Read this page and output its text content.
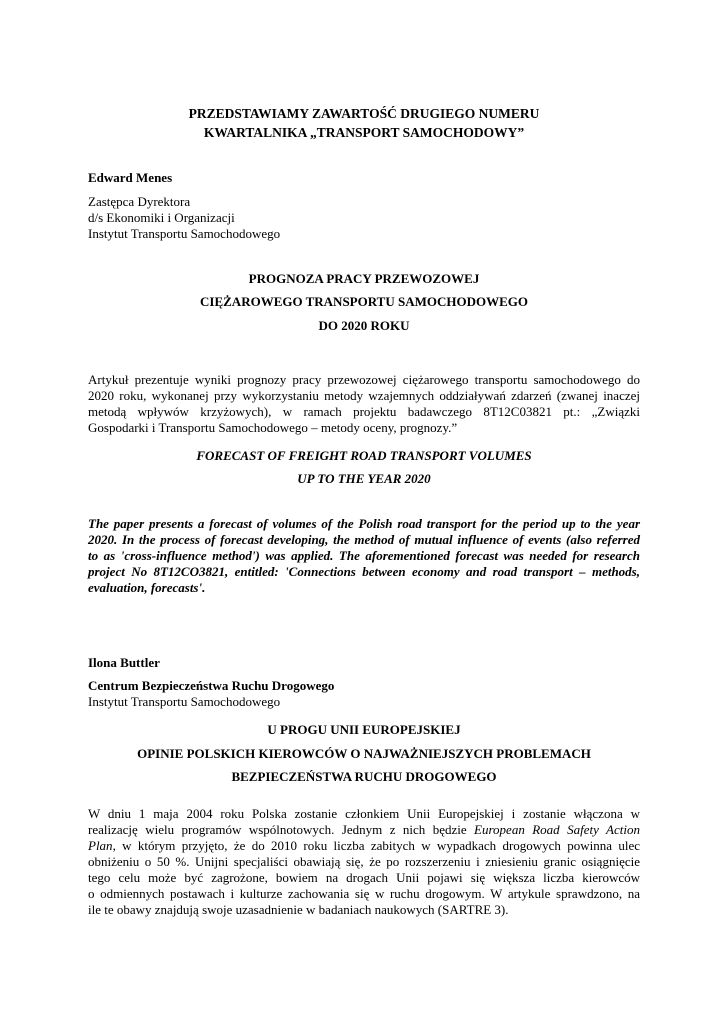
PRZEDSTAWIAMY ZAWARTOŚĆ DRUGIEGO NUMERU
KWARTALNIKA „TRANSPORT SAMOCHODOWY”
Edward Menes
Zastępca Dyrektora
d/s Ekonomiki i Organizacji
Instytut Transportu Samochodowego
PROGNOZA PRACY PRZEWOZOWEJ
CIĘŻAROWEGO TRANSPORTU SAMOCHODOWEGO
DO 2020 ROKU
Artykuł prezentuje wyniki prognozy pracy przewozowej ciężarowego transportu samochodowego do
2020 roku, wykonanej przy wykorzystaniu metody wzajemnych oddziaływań zdarzeń (zwanej inaczej
metodą wpływów krzyżowych), w ramach projektu badawczego 8T12C03821 pt.: „Związki
Gospodarki i Transportu Samochodowego – metody oceny, prognozy.”
FORECAST OF FREIGHT ROAD TRANSPORT VOLUMES
UP TO THE YEAR 2020
The paper presents a forecast of volumes of the Polish road transport for the period up to the year
2020. In the process of forecast developing, the method of mutual influence of events (also referred
to as 'cross-influence method') was applied. The aforementioned forecast was needed for research
project No 8T12CO3821, entitled: 'Connections between economy and road transport – methods,
evaluation, forecasts'.
Ilona Buttler
Centrum Bezpieczeństwa Ruchu Drogowego
Instytut Transportu Samochodowego
U PROGU UNII EUROPEJSKIEJ
OPINIE POLSKICH KIEROWCÓW O NAJWAŻNIEJSZYCH PROBLEMACH
BEZPIECZEŃSTWA RUCHU DROGOWEGO
W dniu 1 maja 2004 roku Polska zostanie członkiem Unii Europejskiej i zostanie włączona w
realizację wielu programów wspólnotowych. Jednym z nich będzie European Road Safety Action
Plan, w którym przyjęto, że do 2010 roku liczba zabitych w wypadkach drogowych powinna ulec
obniżeniu o 50 %. Unijni specjaliści obawiają się, że po rozszerzeniu i zniesieniu granic osiągnięcie
tego celu może być zagrożone, bowiem na drogach Unii pojawi się większa liczba kierowców
o odmiennych postawach i kulturze zachowania się w ruchu drogowym. W artykule sprawdzono, na
ile te obawy znajdują swoje uzasadnienie w badaniach naukowych (SARTRE 3).
